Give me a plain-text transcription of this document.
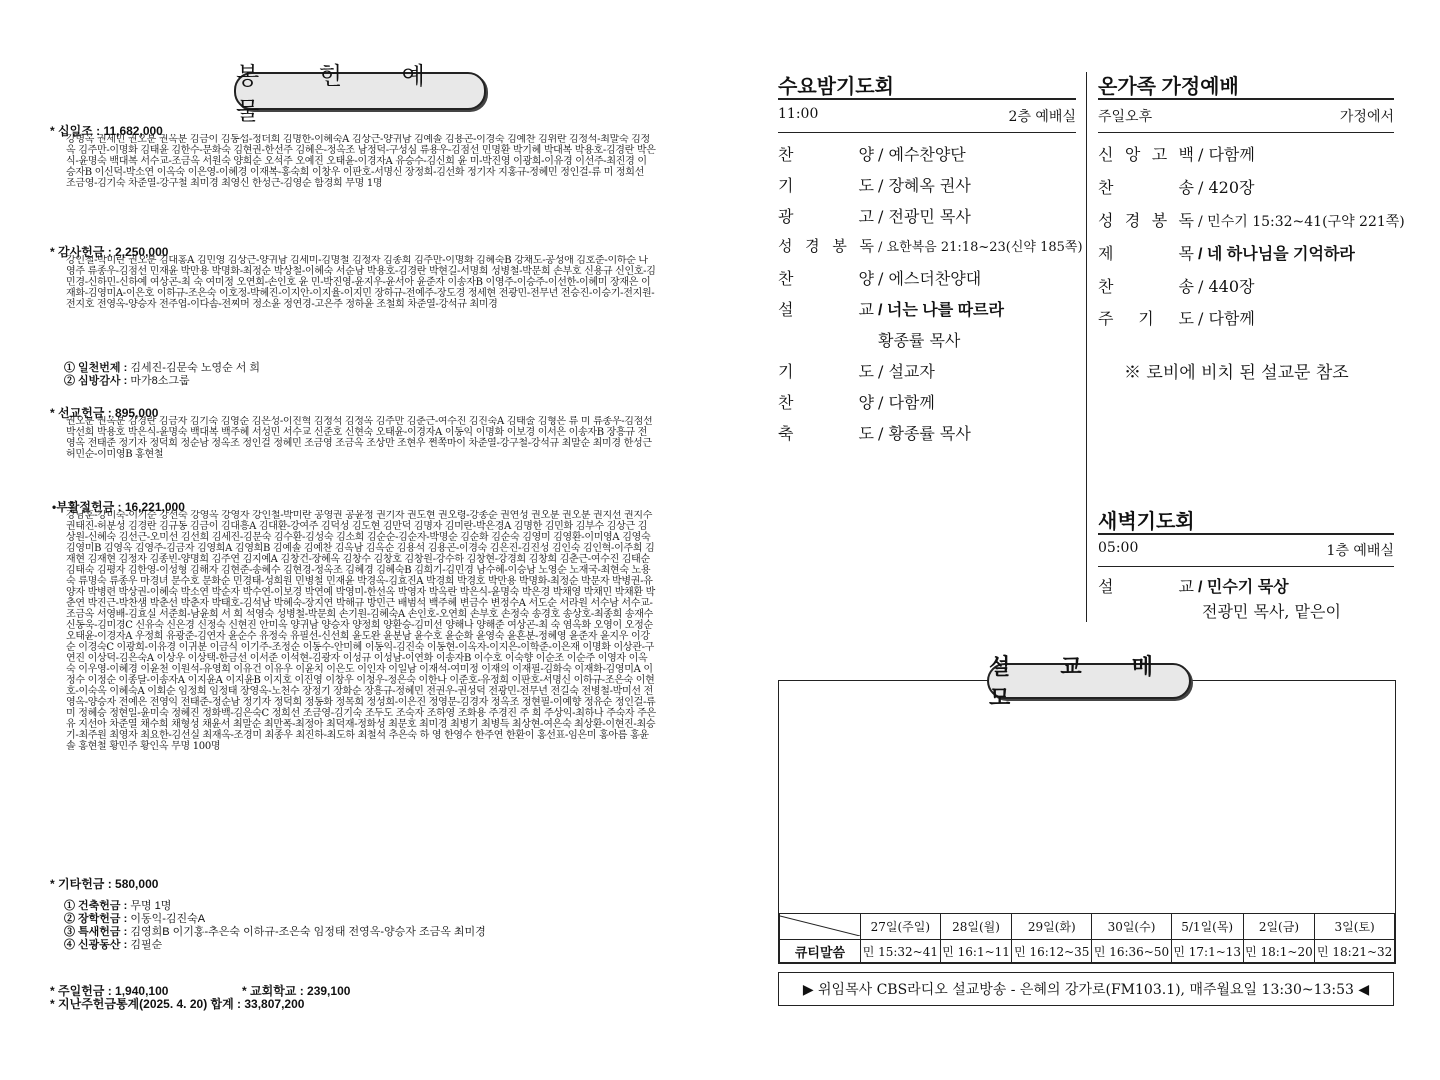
봉 헌 예 물
* 십일조 : 11,682,000
강명옥 권세민 권오분 권옥분 김금이 김동섭-정더희 김명한-이혜숙A 김상근-양귀남 김예솔 김용곤-이경숙 김예찬 김위란 김정석-최말숙 김정옥 김주만-이명화 김태윤 김한수-문화숙 김현권-한선주 김혜은-정옥조 남정덕-구성심 류용우-김점선 민명환 박기혜 박대복 박용호-김경란 박은식-윤명숙 백대복 서수교-조금옥 서원숙 양희순 오석주 오예진 오태윤-이경자A 유승수-김신희 윤 미-박진영 이광희-이유경 이선주-최진경 이승자B 이신덕-박소연 이옥숙 이은영-이혜경 이재복-홍숙희 이창우 이판호-서명신 장정희-김선화 정기자 지홍규-정혜민 정인걸-류 미 정희선 조금영-김기숙 차준열-강구철 최미경 최영신 한성근-김영순 함경희 무명 1명
* 감사헌금 : 2,250,000
강인철-박미란 권오분 김대홍A 김민영 김상근-양귀남 김세미-김명철 김정자 김종희 김주만-이명화 김혜숙B 강채도-공성애 김호준-이하순 나영주 류종우-김점선 민재윤 박만용 박명화-최정순 박상철-이혜숙 서순남 박용호-김경란 박현길-서명희 성병철-박문희 손부호 신용규 신인호-김민경-신하민-신하예 여상곤-최 숙 여미정 오연희-손인호 윤 민-박진영-윤지우-윤서아 윤준자 이송자B 이영주-이승주-이선한-이혜미 장재은 이재화-김영미A-이은호 이하규-조은숙 이호정-박혜진-이지안-이지율-이지민 장하규-전예주-장도경 정세현 전광민-전무년 전승진-이승기-전지원-전지호 전영옥-양승자 전주엽-이다솜-전찌머 정소윤 정연경-고은주 정하윤 조철희 차준열-강석규 최미경
① 일천번제 : 김세진-김문숙 노영순 서 희
② 심방감사 : 마가8소그룹
* 선교헌금 : 895,000
권오분 권옥분 김경란 김금자 김기숙 김영순 김은성-이진혁 김정석 김정옥 김주만 김춘근-여수진 김진숙A 김태술 김형은 류 미 류종우-김점선 박선희 박용호 박은식-윤명숙 백대복 백주혜 서성민 서수교 신준호 신현숙 오태윤-이경자A 이동익 이명화 이보경 이서은 이송자B 장흥규 전영옥 전태준 정기자 정덕희 정순남 정옥조 정인걸 정혜민 조금영 조금옥 조상만 조현우 쩐쪽마이 차준열-강구철-강석규 최말순 최미경 한성근 허민순-이미영B 홍현철
•부활절헌금 : 16,221,000
강남훈-강미숙-이기순 강선숙 강영옥 강영자 강인철-박미란 공영권 공윤정 권기자 권도현 권오령-강종순 권연성 권오분 권오분 권지선 권지수 권태진-허분성 김경란 김규동 김금이 김대흥A 김대환-강여주 김덕성 김도현 김만덕 김명자 김미란-박은경A 김명한 김민화 김부수 김상근 김상원-신혜숙 김선근-오미선 김선희 김세진-김문숙 김수환-김성숙 김소희 김순순-김순자-박명순 김순화 김순숙 김영미 김영환-이미영A 김영숙 김영미B 김영옥 김영주-김금자 김영희A 김영희B 김예솔 김예찬 김옥남 김옥순 김용석 김용곤-이경숙 김은진-김진성 김인숙 김인혁-이주희 김재현 김재현 김정자 김종빈-양명희 김주연 김지예A 김창건-장혜옥 김창수 김창호 김창원-강수하 김창현-강경희 김창희 김춘근-여수진 김태순 김태숙 김평자 김한영-이성형 김해자 김현준-송혜수 김현경-정옥조 김혜경 김혜숙B 김희기-김민경 남수혜-이승남 노영순 노재국-최현숙 노용숙 류명숙 류종우 마경녀 문수호 문화순 민경태-성희원 민병철 민재윤 박경옥-김효진A 박경희 박경호 박만용 박명화-최정순 박문자 박병권-유양자 박병련 박상권-이혜숙 박소연 박순자 박수연-이보경 박연예 박영미-한선옥 박영자 박옥란 박은식-윤명숙 박은경 박채영 박채민 박채환 박춘연 박진근-박찬샘 박춘선 박춘자 박태호-김석남 박혜숙-장지연 박해규 방민근 배범석 백주혜 변금수 변정수A 서도순 서라원 서수남 서수교-조금옥 서영배-김효실 서준희-남윤희 서 희 석영숙 성병철-박문희 손기원-김혜숙A 손인호-오연희 손부호 손정숙 송경호 송상호-최종희 송재수 신동욱-김미경C 신유숙 신은경 신정숙 신현진 안미옥 양귀남 양승자 양정희 양환승-김미선 양해나 양해준 여상곤-최 숙 염옥화 오영이 오정순 오태윤-이경자A 우정희 유광준-김연자 윤순수 유정숙 유필선-신선희 윤도완 윤분남 윤수호 윤순화 윤영숙 윤흔분-정혜영 윤준자 윤지우 이강순 이경숙C 이광희-이유경 이귀분 이금식 이기주-조정순 이동수-안미혜 이동익-김진숙 이동현-이옥자-이지은-이학준-이은재 이명화 이상관-구연진 이상덕-김은숙A 이상우 이상택-한금선 이서준 이석현-김광자 이성규 이성남-이연화 이송자B 이수호 이숙향 이순조 이순주 이영자 이옥숙 이우영-이혜경 이윤천 이원석-유영희 이유건 이유우 이윤치 이은도 이인자 이일남 이재석-여미정 이재의 이재필-김화숙 이재화-김영미A 이정수 이정순 이종달-이송자A 이지윤A 이지윤B 이지호 이진영 이창우 이청우-정은숙 이한나 이준호-유정희 이판호-서명신 이하규-조은숙 이현호-이숙옥 이혜숙A 이회순 임정희 임정태 장영옥-노천수 장정기 장화순 장흥규-정혜민 전권우-권성덕 전광민-전무년 전길숙 전병철-박미선 전영옥-양승자 전예은 전영익 전태준-정순남 정기자 정덕희 정동화 정목희 정성희-이은진 정영문-김경자 정옥조 정현필-이예향 정유순 정인걸-류 미 정혜승 정현일-윤미숙 정혜진 정화백-김은숙C 정희선 조금영-김기숙 조두도 조숙자 조하영 조화용 주경진 주 희 주상익-최하나 주숙자 주은유 지선아 차준열 채수희 채형성 채윤서 최말순 최만폭-최정아 최덕재-정화성 최문호 최미경 최병기 최병득 최상현-여은숙 최상환-이현진-최승기-최주원 최영자 최요한-김선실 최재옥-조경미 최종우 최진하-최도하 최철석 추은숙 하 영 한영수 한주연 한환이 홍선표-임은미 홍아름 홍윤솔 홍현철 황민주 황인옥 무명 100명
* 기타헌금 : 580,000
① 건축헌금 : 무명 1명
② 장학헌금 : 이동익-김진숙A
③ 특새헌금 : 김영희B 이기홍-추은숙 이하규-조은숙 임정태 전영옥-양승자 조금옥 최미경
④ 신광동산 : 김필순
* 주일헌금 : 1,940,100	* 교회학교 : 239,100
* 지난주헌금통계(2025. 4. 20) 합계 : 33,807,200
수요밤기도회
11:00	2층 예배실
찬 양 / 예수찬양단
기 도 / 장혜옥 권사
광 고 / 전광민 목사
성 경 봉 독 / 요한복음 21:18~23(신약 185쪽)
찬 양 / 에스더찬양대
설 교 / 너는 나를 따르라
황종률 목사
기 도 / 설교자
찬 양 / 다함께
축 도 / 황종률 목사
온가족 가정예배
주일오후	가정에서
신 앙 고 백 / 다함께
찬 송 / 420장
성 경 봉 독 / 민수기 15:32~41(구약 221쪽)
제 목 / 네 하나님을 기억하라
찬 송 / 440장
주 기 도 / 다함께
※ 로비에 비치 된 설교문 참조
새벽기도회
05:00	1층 예배실
설 교 / 민수기 묵상
전광민 목사, 맡은이
설 교 메 모
	27일(주일)	28일(월)	29일(화)	30일(수)	5/1일(목)	2일(금)	3일(토)
큐티말씀	민 15:32~41	민 16:1~11	민 16:12~35	민 16:36~50	민 17:1~13	민 18:1~20	민 18:21~32
▶ 위임목사 CBS라디오 설교방송 - 은혜의 강가로(FM103.1), 매주월요일 13:30~13:53 ◀
